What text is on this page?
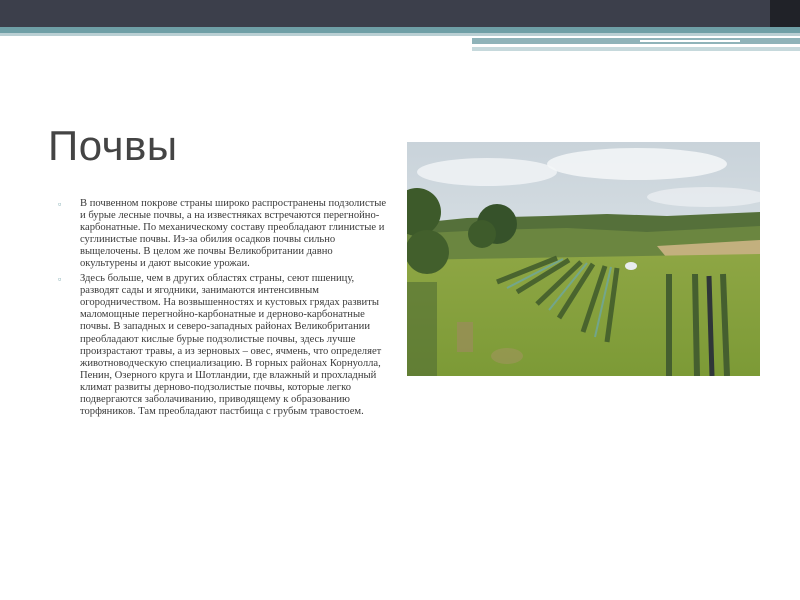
Почвы
▫ В почвенном покрове страны широко распространены подзолистые и бурые лесные почвы, а на известняках встречаются перегнойно-карбонатные. По механическому составу преобладают глинистые и суглинистые почвы. Из-за обилия осадков почвы сильно выщелочены. В целом же почвы Великобритании давно окультурены и дают высокие урожаи.
▫ Здесь больше, чем в других областях страны, сеют пшеницу, разводят сады и ягодники, занимаются интенсивным огородничеством. На возвышенностях и кустовых грядах развиты маломощные перегнойно-карбонатные и дерново-карбонатные почвы. В западных и северо-западных районах Великобритании преобладают кислые бурые подзолистые почвы, здесь лучше произрастают травы, а из зерновых – овес, ячмень, что определяет животноводческую специализацию. В горных районах Корнуолла, Пенин, Озерного круга и Шотландии, где влажный и прохладный климат развиты дерново-подзолистые почвы, которые легко подвергаются заболачиванию, приводящему к образованию торфяников. Там преобладают пастбища с грубым травостоем.
